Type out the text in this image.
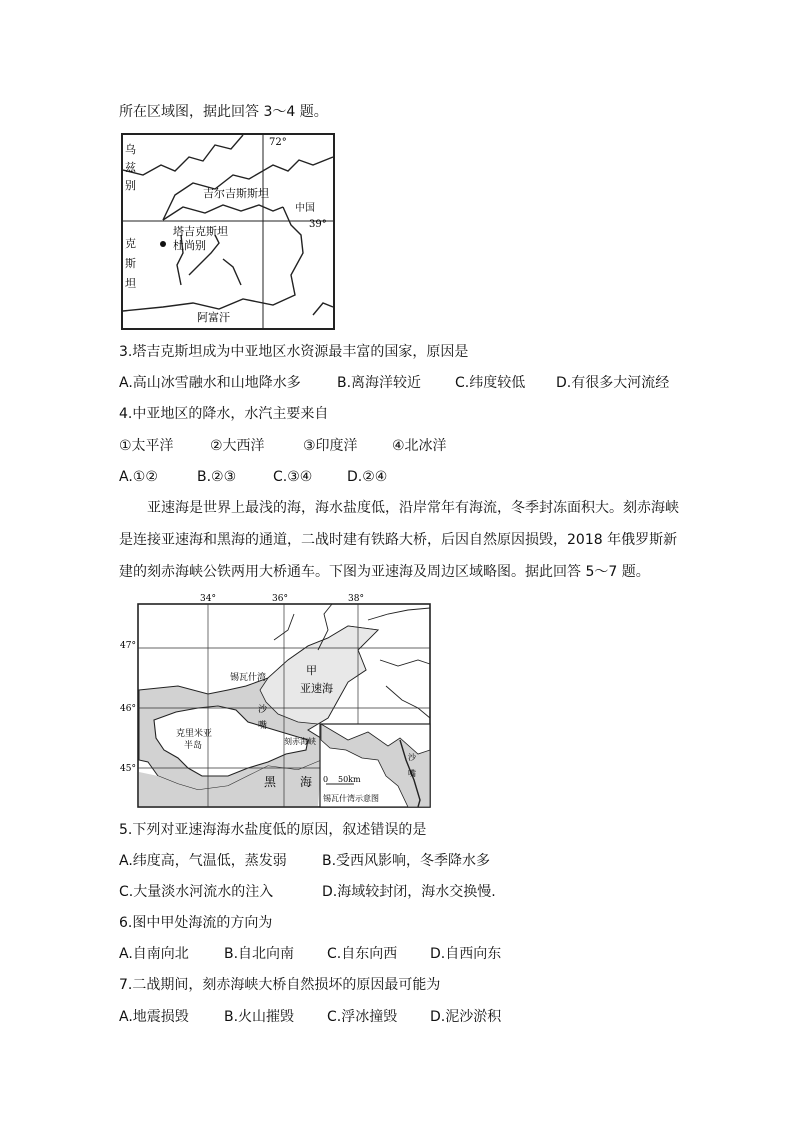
所在区域图，据此回答 3～4 题。
乌
兹
别
吉尔吉斯斯坦
中国
39°
72°
塔吉克斯坦
杜尚别
克
斯
坦
阿富汗
3.塔吉克斯坦成为中亚地区水资源最丰富的国家，原因是
A.高山冰雪融水和山地降水多	B.离海洋较近 C.纬度较低 D.有很多大河流经
4.中亚地区的降水，水汽主要来自
①太平洋	②大西洋	③印度洋 ④北冰洋
A.①②	B.②③	C.③④ D.②④
亚速海是世界上最浅的海，海水盐度低，沿岸常年有海流，冬季封冻面积大。刻赤海峡是连接亚速海和黑海的通道，二战时建有铁路大桥，后因自然原因损毁，2018 年俄罗斯新建的刻赤海峡公铁两用大桥通车。下图为亚速海及周边区域略图。据此回答 5～7 题。
34°	36°	38°
47°
46°
45°
锡瓦什湾
甲
亚速海
沙
嘴
克里米亚
半岛	刻赤海峡
黑 海
沙
嘴
0 50km
锡瓦什湾示意图
5.下列对亚速海海水盐度低的原因，叙述错误的是
A.纬度高，气温低，蒸发弱	B.受西风影响，冬季降水多
C.大量淡水河流水的注入	D.海域较封闭，海水交换慢.
6.图中甲处海流的方向为
A.自南向北	B.自北向南 C.自东向西 D.自西向东
7.二战期间，刻赤海峡大桥自然损坏的原因最可能为
A.地震损毁	B.火山摧毁 C.浮冰撞毁 D.泥沙淤积
